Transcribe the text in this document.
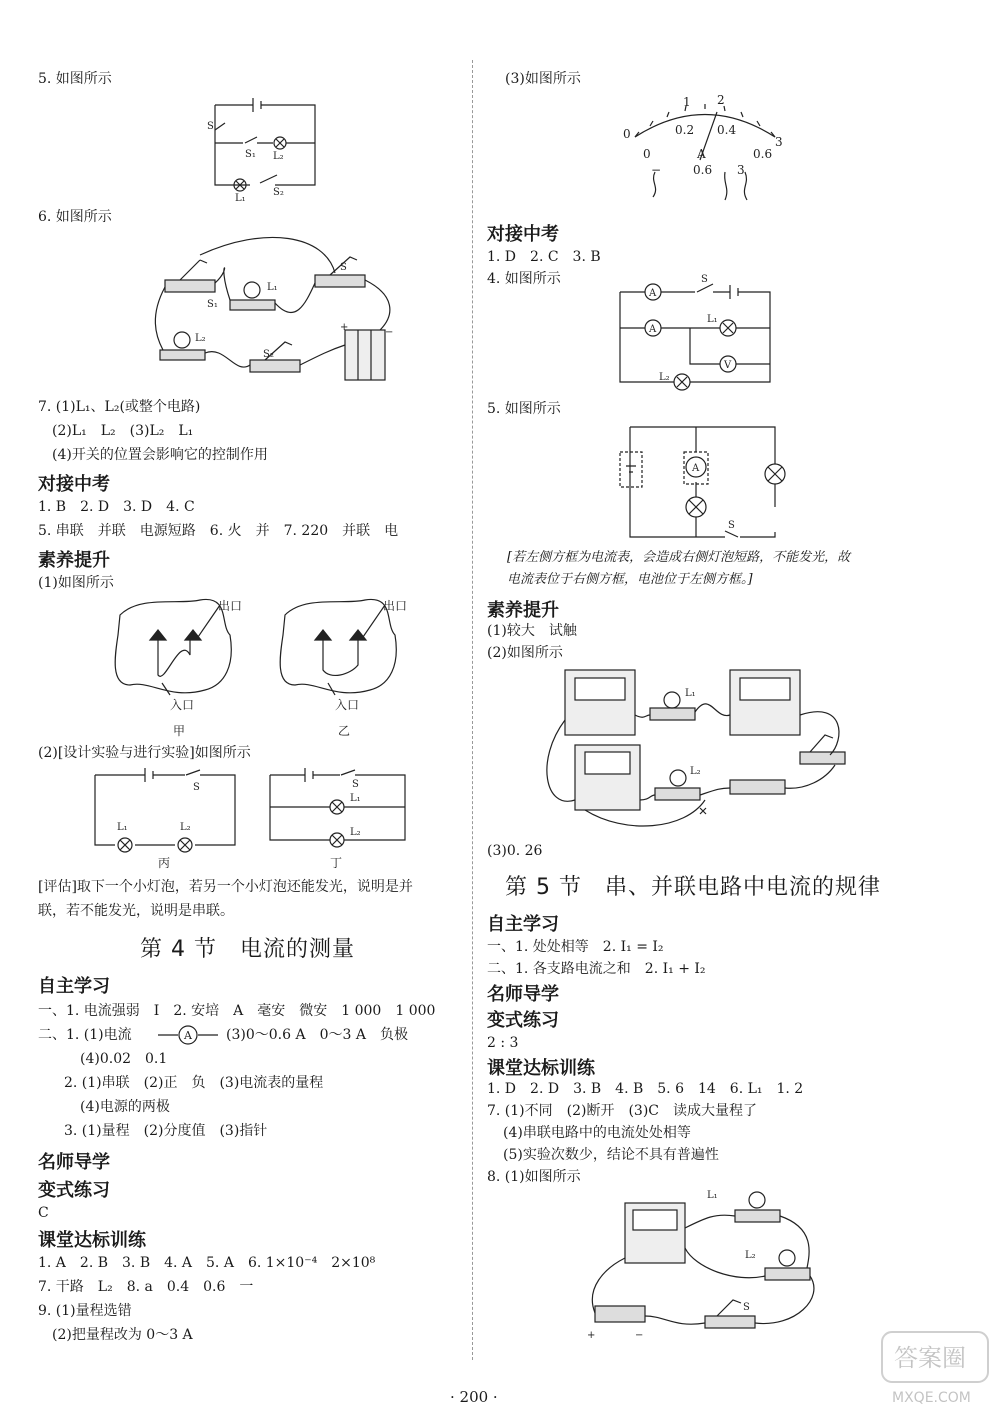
5. 如图所示
S
S₁ L₂
L₁
S₂
6. 如图所示
S₁
L₁
S
L₂
S₂
+	−
7. (1)L₁、L₂(或整个电路)
(2)L₁　L₂　(3)L₂　L₁
(4)开关的位置会影响它的控制作用
对接中考
1. B　2. D　3. D　4. C
5. 串联　并联　电源短路　6. 火　并　7. 220　并联　电
素养提升
(1)如图所示
出口
入口
甲
出口
入口
乙
(2)[设计实验与进行实验]如图所示
S
L₁	L₂
丙
S
L₁
L₂
丁
[评估]取下一个小灯泡，若另一个小灯泡还能发光，说明是并
联，若不能发光，说明是串联。
第 4 节　电流的测量
自主学习
一、1. 电流强弱　I　2. 安培　A　毫安　微安　1 000　1 000
二、1. (1)电流	A (3)0～0.6 A　0～3 A　负极
(4)0.02　0.1
2. (1)串联　(2)正　负　(3)电流表的量程
(4)电源的两极
3. (1)量程　(2)分度值　(3)指针
名师导学
变式练习
C
课堂达标训练
1. A　2. B　3. B　4. A　5. A　6. 1×10⁻⁴　2×10⁸
7. 干路　L₂　8. a　0.4　0.6　一
9. (1)量程选错
(2)把量程改为 0～3 A
(3)如图所示
1 2
0
3
0.2 0.4
0	0.6
A
−	0.6 3
对接中考
1. D　2. C　3. B
4. 如图所示
A
A
V
S
L₁
L₂
5. 如图所示
A
S
[若左侧方框为电流表，会造成右侧灯泡短路，不能发光，故
电流表位于右侧方框，电池位于左侧方框。]
素养提升
(1)较大　试触
(2)如图所示
L₁
L₂
(3)0. 26
第 5 节　串、并联电路中电流的规律
自主学习
一、1. 处处相等　2. I₁ = I₂
二、1. 各支路电流之和　2. I₁ + I₂
名师导学
变式练习
2 : 3
课堂达标训练
1. D　2. D　3. B　4. B　5. 6　14　6. L₁　1. 2
7. (1)不同　(2)断开　(3)C　读成大量程了
(4)串联电路中的电流处处相等
(5)实验次数少，结论不具有普遍性
8. (1)如图所示
L₁
L₂
S
+	−
· 200 ·
答案圈
MXQE.COM
